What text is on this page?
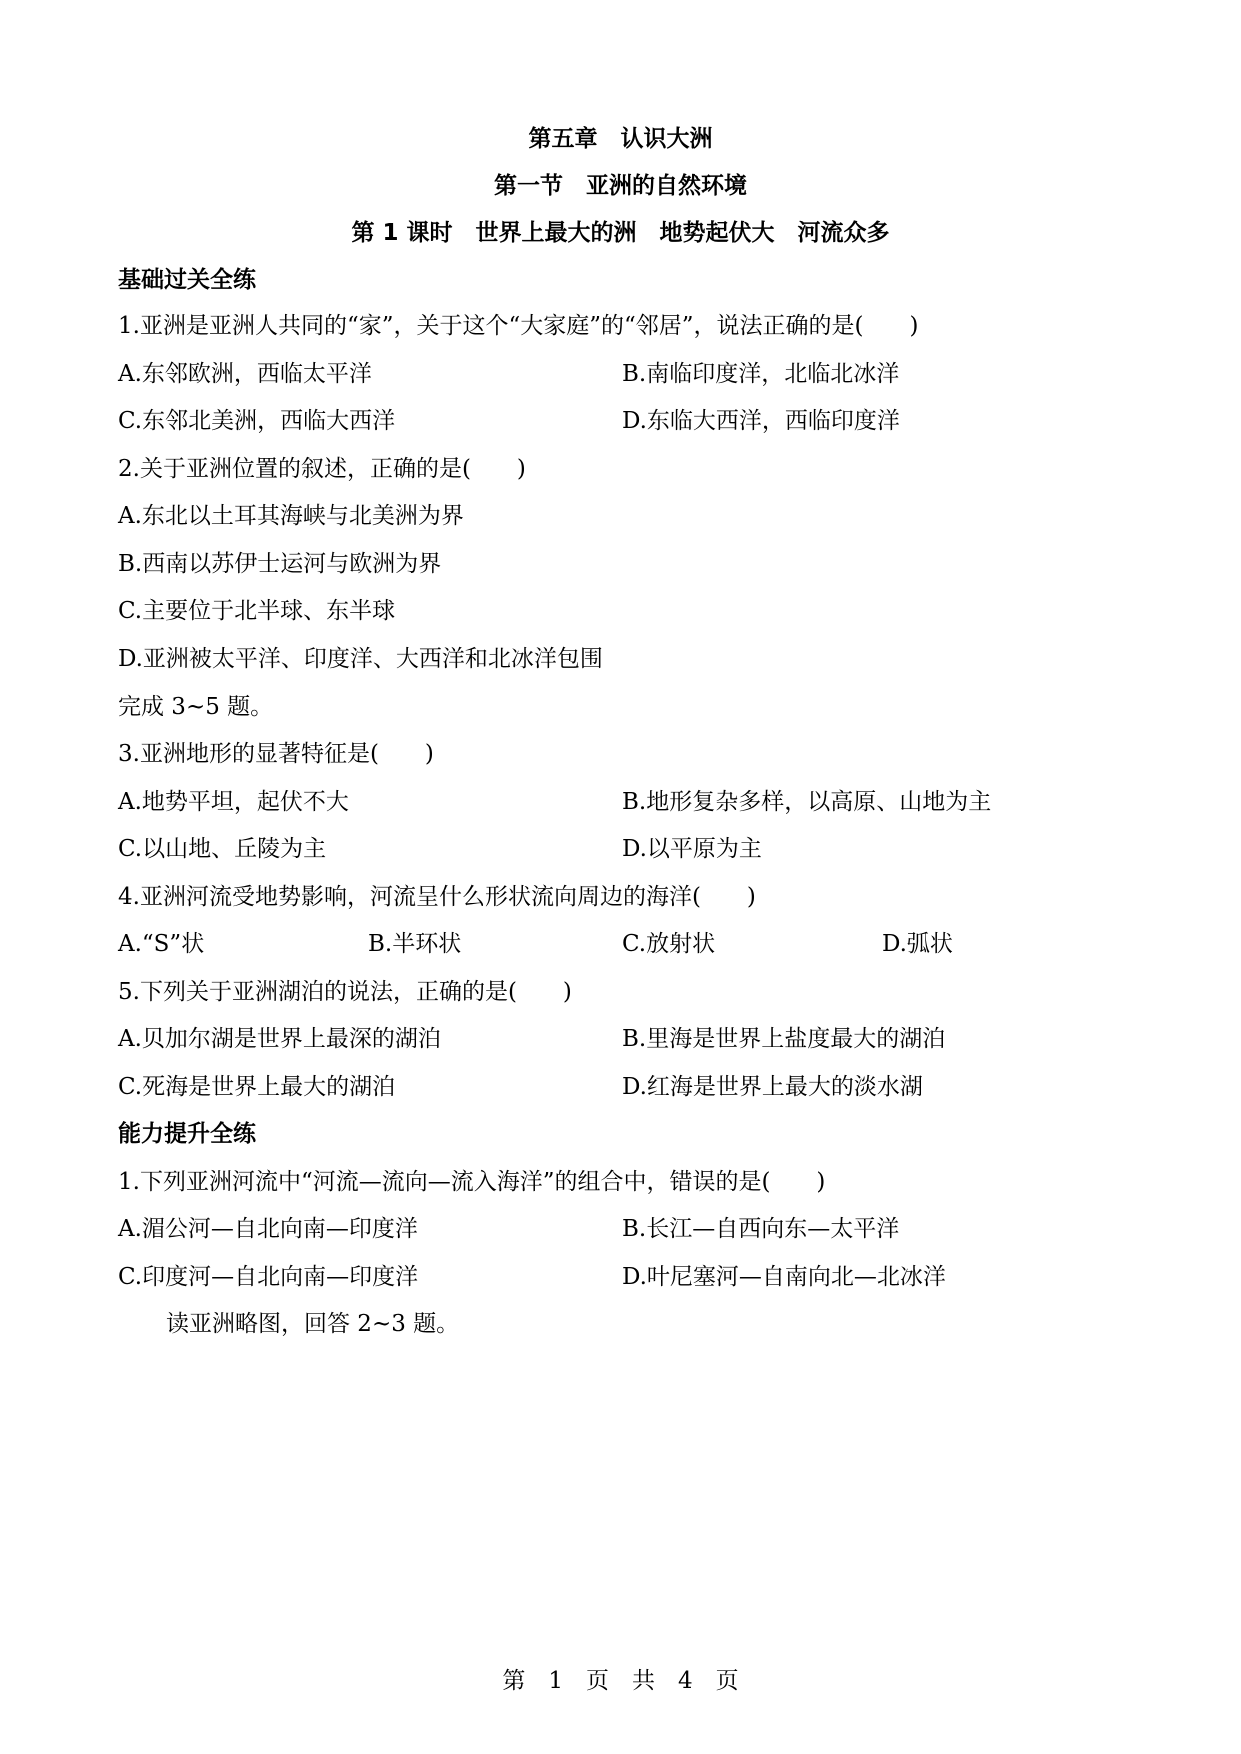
第五章　认识大洲
第一节　亚洲的自然环境
第 1 课时　世界上最大的洲　地势起伏大　河流众多
基础过关全练
1.亚洲是亚洲人共同的“家”，关于这个“大家庭”的“邻居”，说法正确的是(　　)
A.东邻欧洲，西临太平洋	B.南临印度洋，北临北冰洋
C.东邻北美洲，西临大西洋	D.东临大西洋，西临印度洋
2.关于亚洲位置的叙述，正确的是(　　)
A.东北以土耳其海峡与北美洲为界
B.西南以苏伊士运河与欧洲为界
C.主要位于北半球、东半球
D.亚洲被太平洋、印度洋、大西洋和北冰洋包围
完成 3~5 题。
3.亚洲地形的显著特征是(　　)
A.地势平坦，起伏不大	B.地形复杂多样，以高原、山地为主
C.以山地、丘陵为主	D.以平原为主
4.亚洲河流受地势影响，河流呈什么形状流向周边的海洋(　　)
A.“S”状	B.半环状	C.放射状	D.弧状
5.下列关于亚洲湖泊的说法，正确的是(　　)
A.贝加尔湖是世界上最深的湖泊	B.里海是世界上盐度最大的湖泊
C.死海是世界上最大的湖泊	D.红海是世界上最大的淡水湖
能力提升全练
1.下列亚洲河流中“河流—流向—流入海洋”的组合中，错误的是(　　)
A.湄公河—自北向南—印度洋	B.长江—自西向东—太平洋
C.印度河—自北向南—印度洋	D.叶尼塞河—自南向北—北冰洋
读亚洲略图，回答 2~3 题。
第　1　页　共　4　页
